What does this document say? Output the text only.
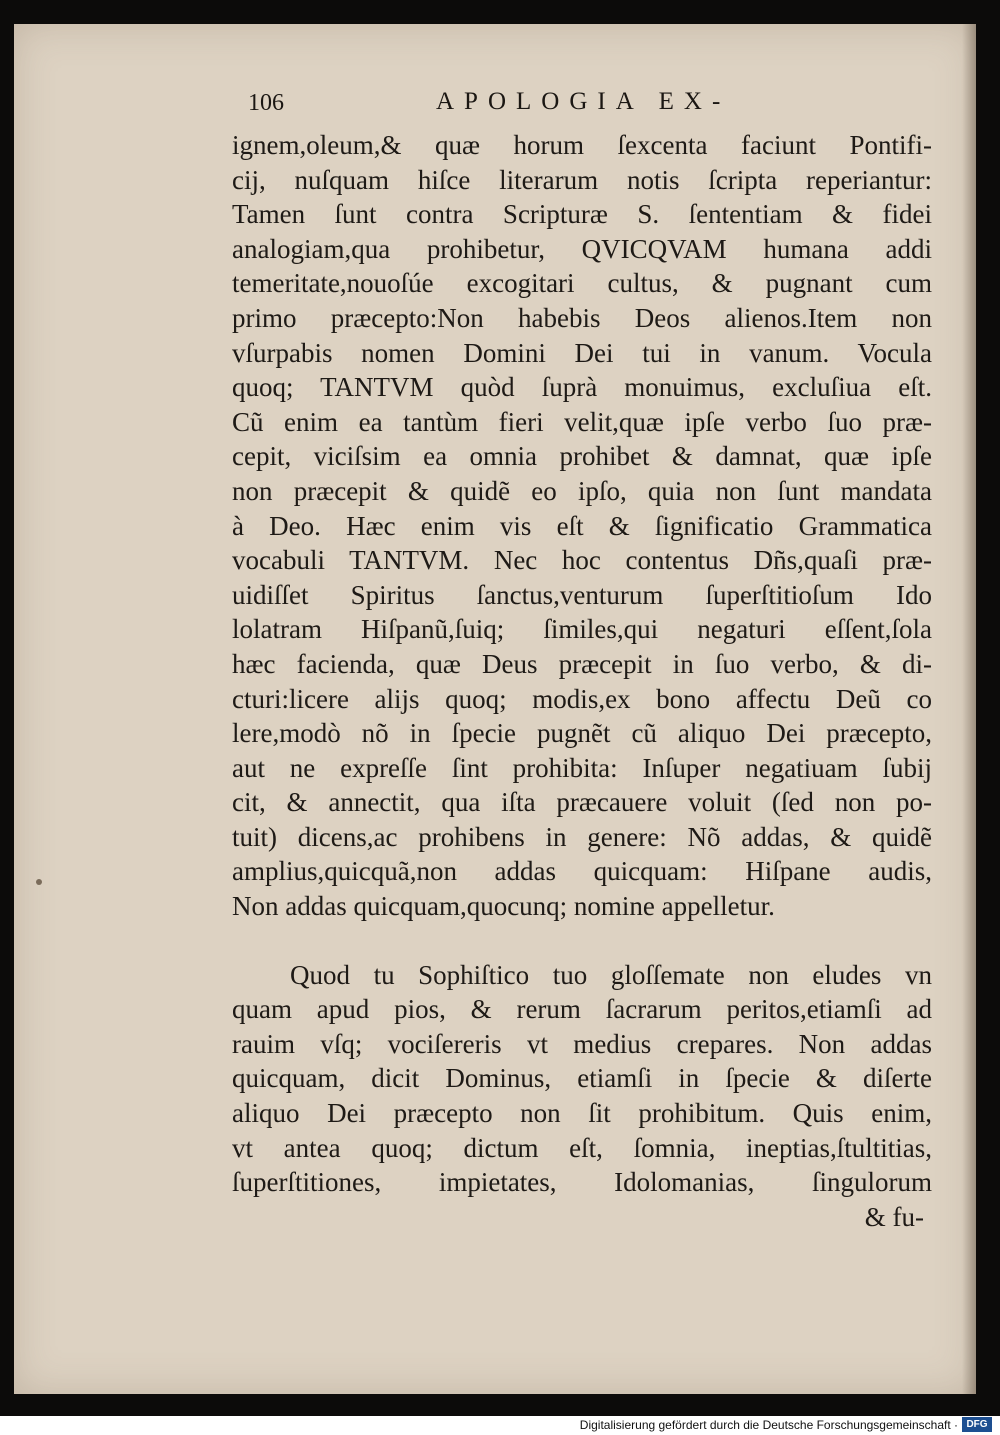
106	APOLOGIA EX-
ignem,oleum,& quæ horum ſexcenta faciunt Pontifi-
cij, nuſquam hiſce literarum notis ſcripta reperiantur:
Tamen ſunt contra Scripturæ S. ſententiam & fidei
analogiam,qua prohibetur, QVICQVAM humana addi
temeritate,nouoſúe excogitari cultus, & pugnant cum
primo præcepto:Non habebis Deos alienos.Item non
vſurpabis nomen Domini Dei tui in vanum. Vocula
quoq; TANTVM quòd ſuprà monuimus, excluſiua eſt.
Cũ enim ea tantùm fieri velit,quæ ipſe verbo ſuo præ-
cepit, viciſsim ea omnia prohibet & damnat, quæ ipſe
non præcepit & quidẽ eo ipſo, quia non ſunt mandata
à Deo. Hæc enim vis eſt & ſignificatio Grammatica
vocabuli TANTVM. Nec hoc contentus Dñs,quaſi præ-
uidiſſet Spiritus ſanctus,venturum ſuperſtitioſum Ido
lolatram Hiſpanũ,ſuiq; ſimiles,qui negaturi eſſent,ſola
hæc facienda, quæ Deus præcepit in ſuo verbo, & di-
cturi:licere alijs quoq; modis,ex bono affectu Deũ co
lere,modò nõ in ſpecie pugnẽt cũ aliquo Dei præcepto,
aut ne expreſſe ſint prohibita: Inſuper negatiuam ſubij
cit, & annectit, qua iſta præcauere voluit (ſed non po-
tuit) dicens,ac prohibens in genere: Nõ addas, & quidẽ
amplius,quicquã,non addas quicquam: Hiſpane audis,
Non addas quicquam,quocunq; nomine appelletur.
Quod tu Sophiſtico tuo gloſſemate non eludes vn
quam apud pios, & rerum ſacrarum peritos,etiamſi ad
rauim vſq; vociſereris vt medius crepares. Non addas
quicquam, dicit Dominus, etiamſi in ſpecie & diſerte
aliquo Dei præcepto non ſit prohibitum. Quis enim,
vt antea quoq; dictum eſt, ſomnia, ineptias,ſtultitias,
ſuperſtitiones, impietates, Idolomanias, ſingulorum
& fu-
Digitalisierung gefördert durch die Deutsche Forschungsgemeinschaft · DFG
